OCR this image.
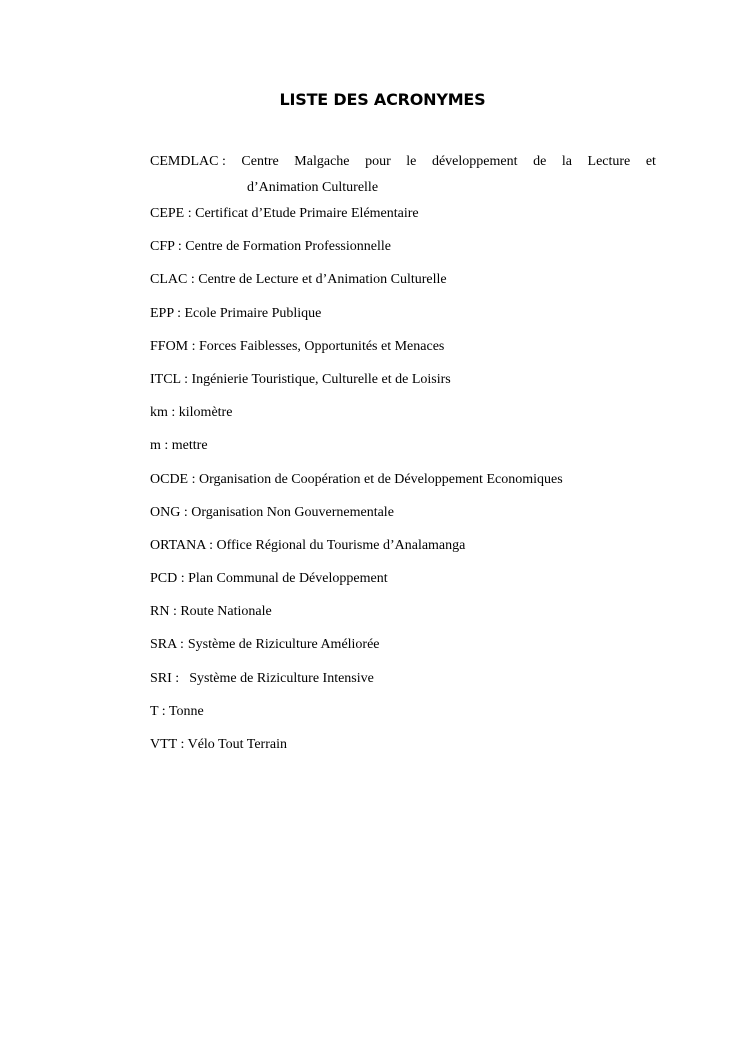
LISTE DES ACRONYMES
CEMDLAC : Centre Malgache pour le développement de la Lecture et
d’Animation Culturelle
CEPE : Certificat d’Etude Primaire Elémentaire
CFP : Centre de Formation Professionnelle
CLAC : Centre de Lecture et d’Animation Culturelle
EPP : Ecole Primaire Publique
FFOM : Forces Faiblesses, Opportunités et Menaces
ITCL : Ingénierie Touristique, Culturelle et de Loisirs
km : kilomètre
m : mettre
OCDE : Organisation de Coopération et de Développement Economiques
ONG : Organisation Non Gouvernementale
ORTANA : Office Régional du Tourisme d’Analamanga
PCD : Plan Communal de Développement
RN : Route Nationale
SRA : Système de Riziculture Améliorée
SRI : Système de Riziculture Intensive
T : Tonne
VTT : Vélo Tout Terrain
